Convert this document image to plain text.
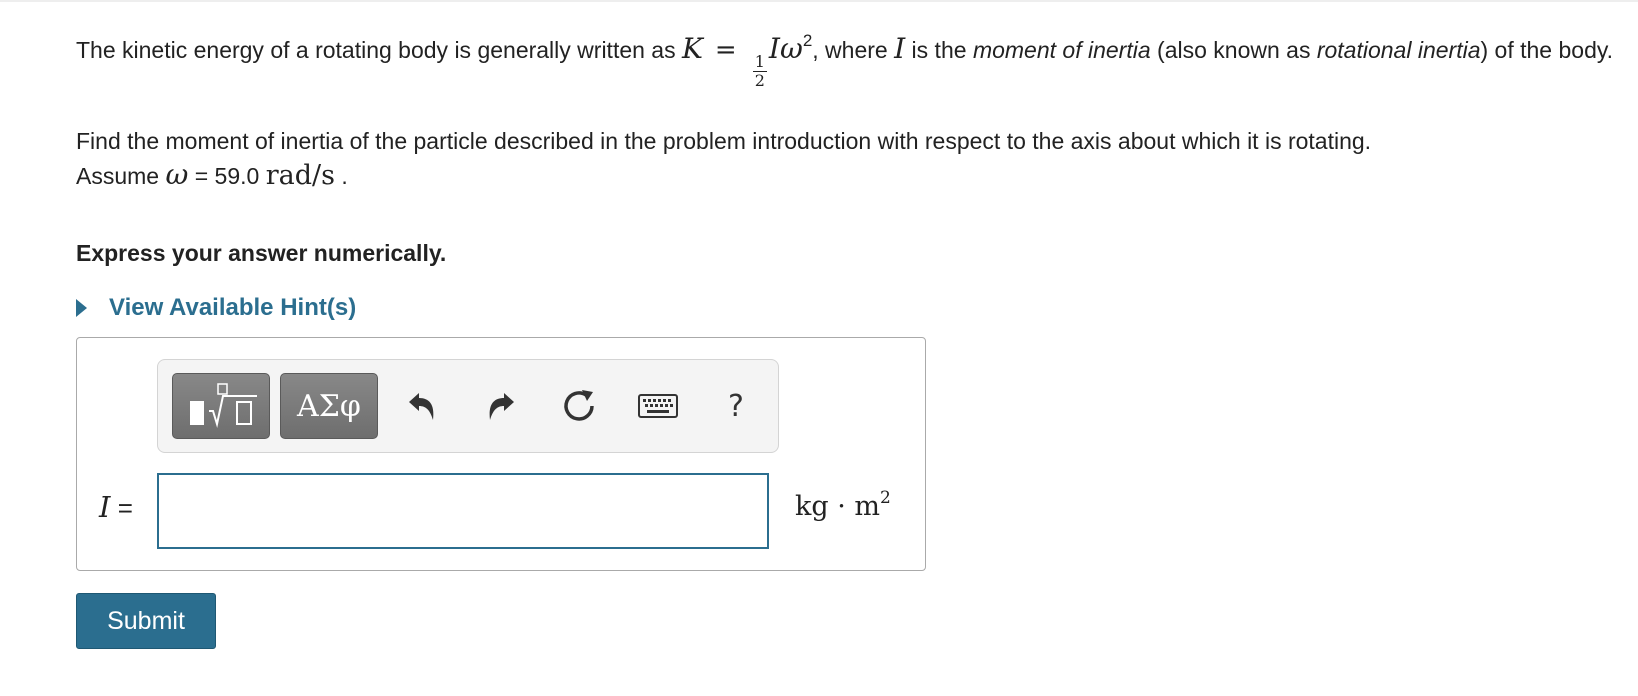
The kinetic energy of a rotating body is generally written as K =
$\frac{1}{2}$
$I\omega^2$, where I is the moment of inertia (also known as rotational inertia) of the body.

Find the moment of inertia of the particle described in the problem introduction with respect to the axis about which it is rotating.
Assume ω = 59.0 rad/s .

Express your answer numerically.

View Available Hint(s)
ΑΣφ	?
I =	kg · $m^2$
Submit
